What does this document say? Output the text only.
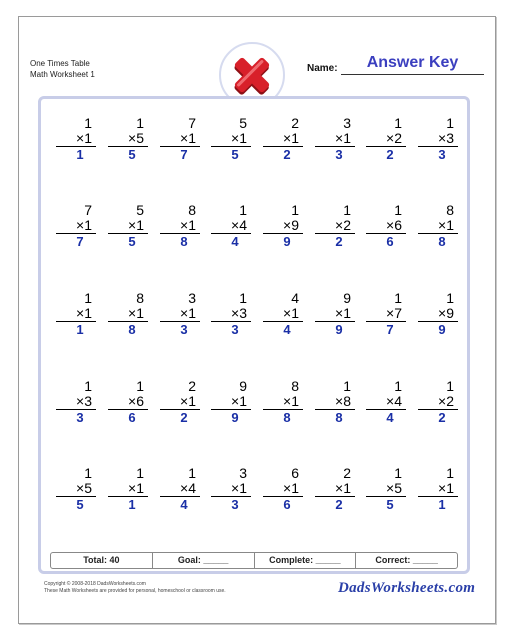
One Times Table
Math Worksheet 1
Name:	Answer Key
1
×1
1
1
×5
5
7
×1
7
5
×1
5
2
×1
2
3
×1
3
1
×2
2
1
×3
3
7
×1
7
5
×1
5
8
×1
8
1
×4
4
1
×9
9
1
×2
2
1
×6
6
8
×1
8
1
×1
1
8
×1
8
3
×1
3
1
×3
3
4
×1
4
9
×1
9
1
×7
7
1
×9
9
1
×3
3
1
×6
6
2
×1
2
9
×1
9
8
×1
8
1
×8
8
1
×4
4
1
×2
2
1
×5
5
1
×1
1
1
×4
4
3
×1
3
6
×1
6
2
×1
2
1
×5
5
1
×1
1
Total: 40	Goal: _____	Complete: _____	Correct: _____
Copyright © 2008-2018 DadsWorksheets.com
These Math Worksheets are provided for personal, homeschool or classroom use.	DadsWorksheets.com
